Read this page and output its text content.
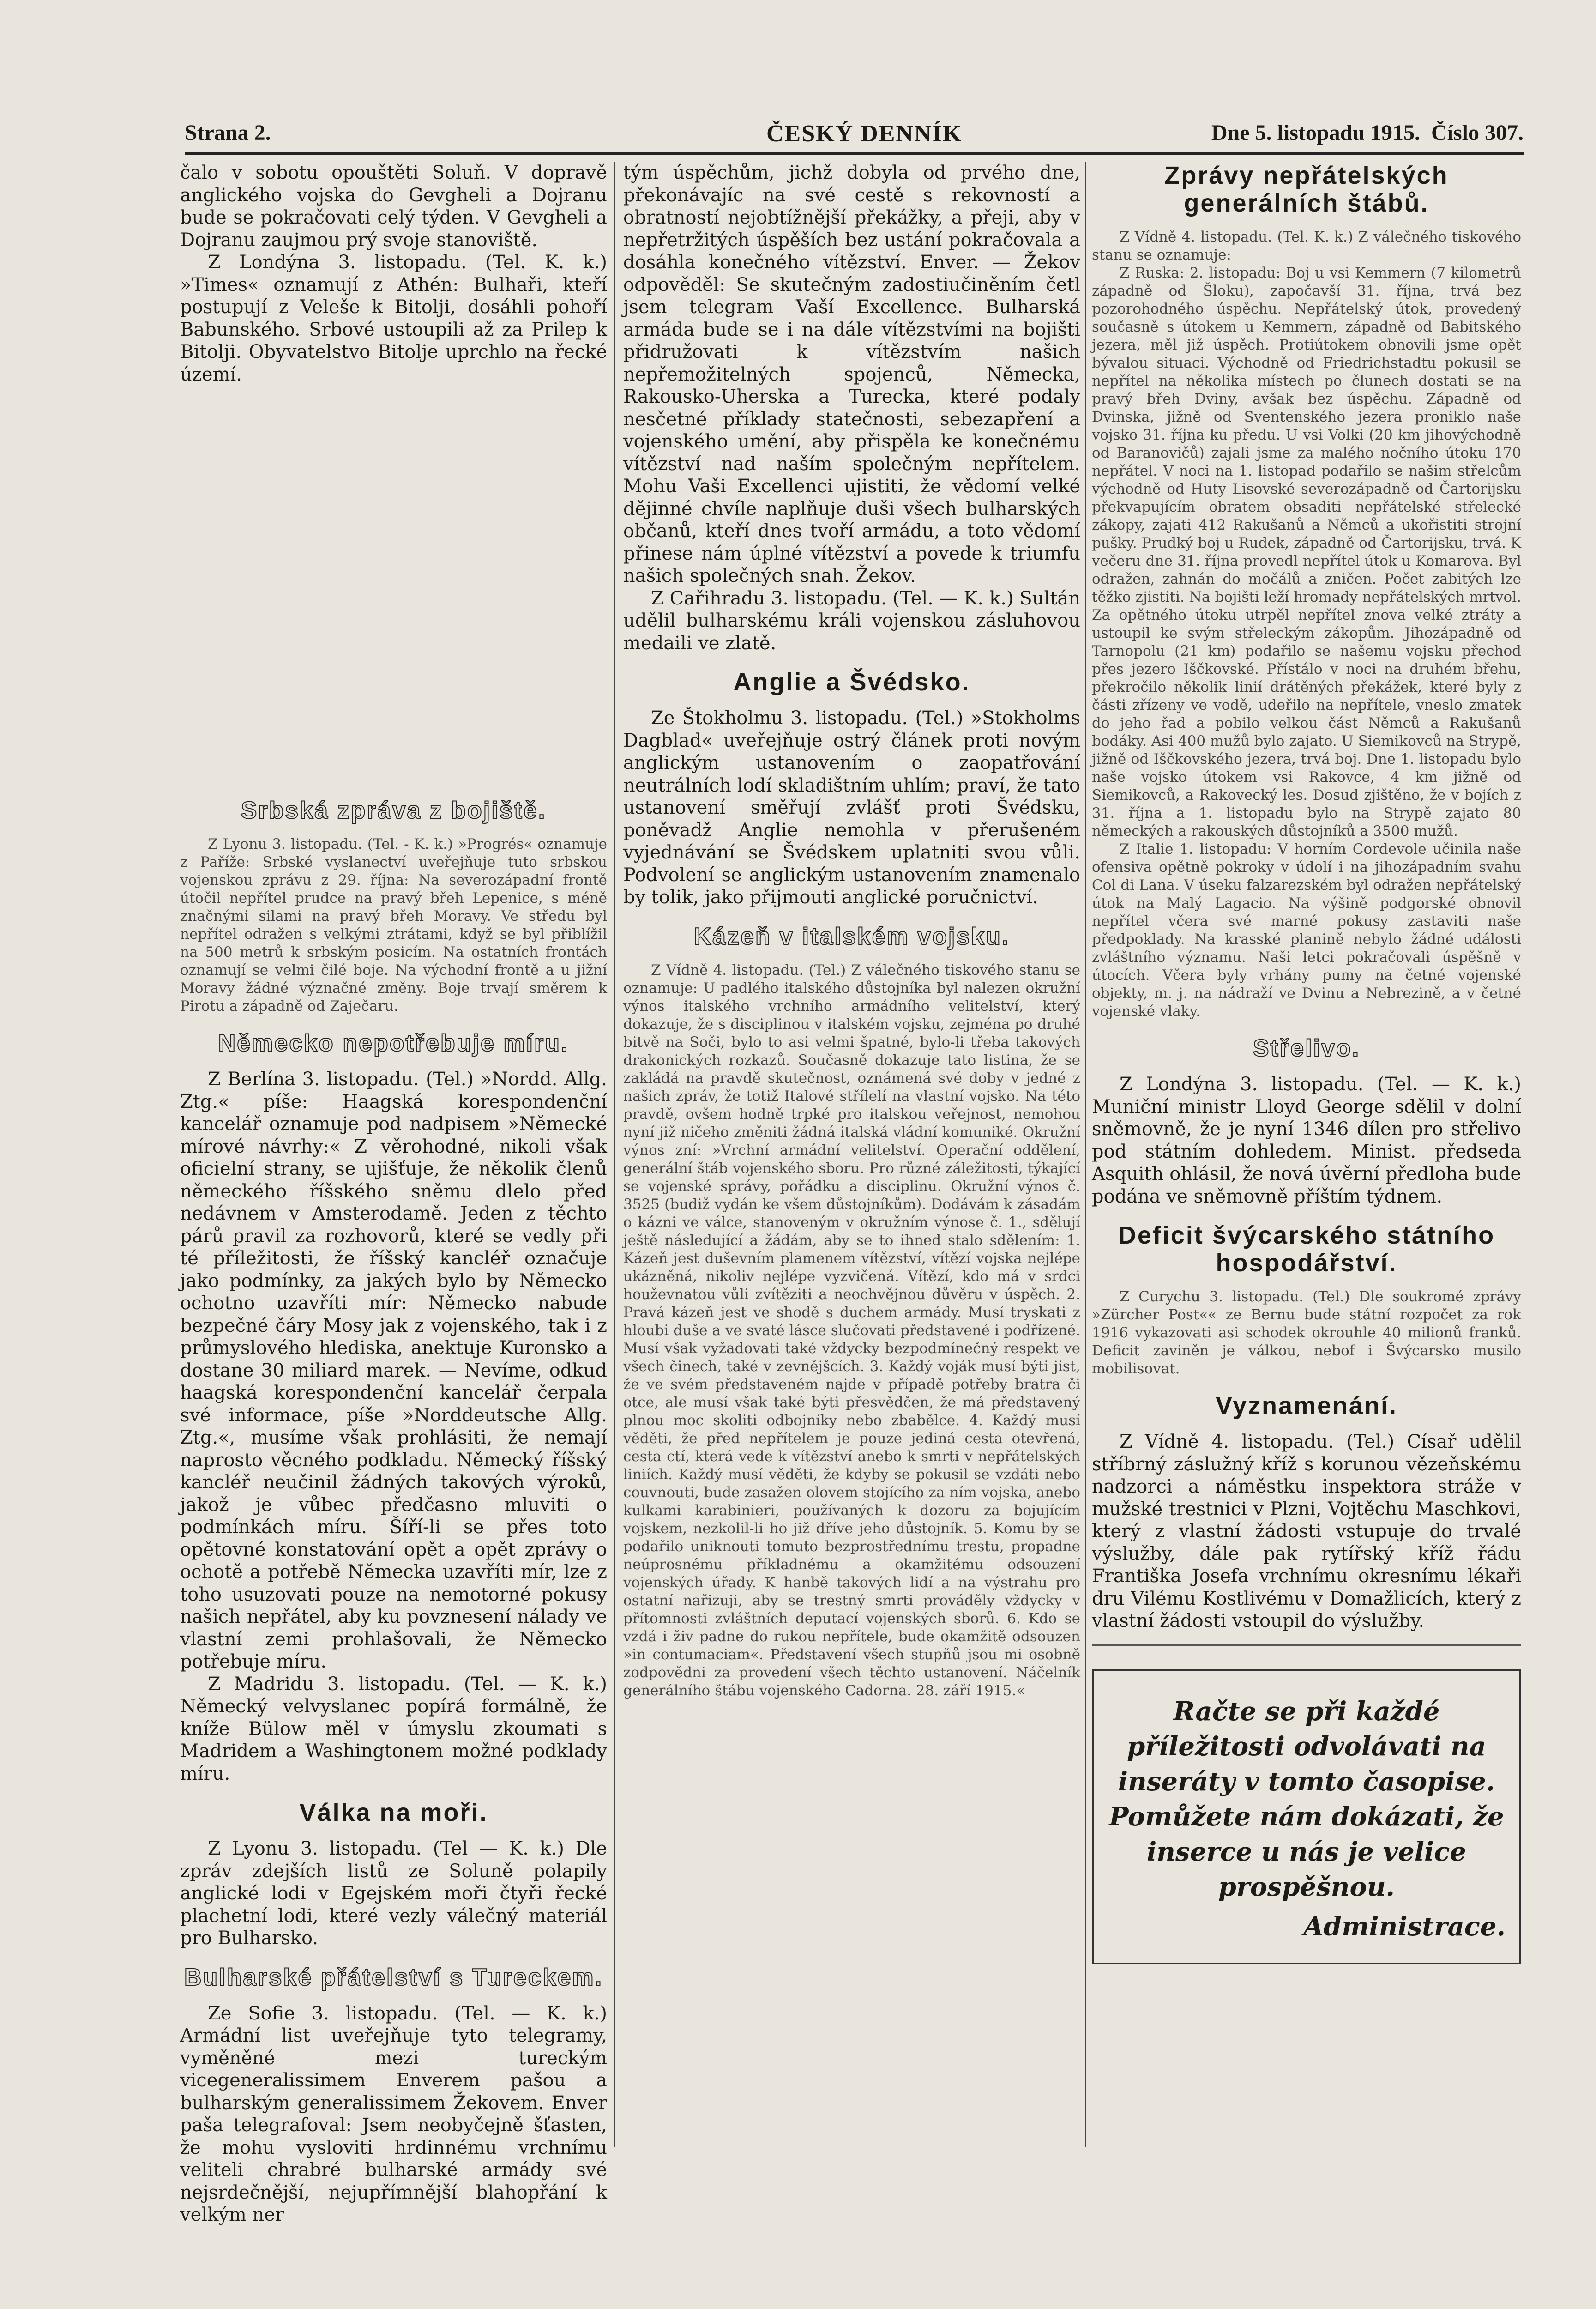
Strana 2.	ČESKÝ DENNÍK	Dne 5. listopadu 1915. Číslo 307.

čalo v sobotu opouštěti Soluň. V dopravě anglického vojska do Gevgheli a Dojranu bude se pokračovati celý týden. V Gevgheli a Dojranu zaujmou prý svoje stanoviště.

Z Londýna 3. listopadu. (Tel. K. k.) »Times« oznamují z Athén: Bulhaři, kteří postupují z Veleše k Bitolji, dosáhli pohoří Babunského. Srbové ustoupili až za Prilep k Bitolji. Obyvatelstvo Bitolje uprchlo na řecké území.

Srbská zpráva z bojiště.

Z Lyonu 3. listopadu. (Tel. - K. k.) »Progrés« oznamuje z Paříže: Srbské vyslanectví uveřejňuje tuto srbskou vojenskou zprávu z 29. října: Na severozápadní frontě útočil nepřítel prudce na pravý břeh Lepenice, s méně značnými silami na pravý břeh Moravy. Ve středu byl nepřítel odražen s velkými ztrátami, když se byl přiblížil na 500 metrů k srbským posicím. Na ostatních frontách oznamují se velmi čilé boje. Na východní frontě a u jižní Moravy žádné význačné změny. Boje trvají směrem k Pirotu a západně od Zaječaru.

Německo nepotřebuje míru.

Z Berlína 3. listopadu. (Tel.) »Nordd. Allg. Ztg.« píše: Haagská korespondenční kancelář oznamuje pod nadpisem »Německé mírové návrhy:« Z věrohodné, nikoli však oficielní strany, se ujišťuje, že několik členů německého říšského sněmu dlelo před nedávnem v Amsterodamě. Jeden z těchto párů pravil za rozhovorů, které se vedly při té příležitosti, že říšský kancléř označuje jako podmínky, za jakých bylo by Německo ochotno uzavříti mír: Německo nabude bezpečné čáry Mosy jak z vojenského, tak i z průmyslového hlediska, anektuje Kuronsko a dostane 30 miliard marek. — Nevíme, odkud haagská korespondenční kancelář čerpala své informace, píše »Norddeutsche Allg. Ztg.«, musíme však prohlásiti, že nemají naprosto věcného podkladu. Německý říšský kancléř neučinil žádných takových výroků, jakož je vůbec předčasno mluviti o podmínkách míru. Šíří-li se přes toto opětovné konstatování opět a opět zprávy o ochotě a potřebě Německa uzavříti mír, lze z toho usuzovati pouze na nemotorné pokusy našich nepřátel, aby ku povznesení nálady ve vlastní zemi prohlašovali, že Německo potřebuje míru.

Z Madridu 3. listopadu. (Tel. — K. k.) Německý velvyslanec popírá formálně, že kníže Bülow měl v úmyslu zkoumati s Madridem a Washingtonem možné podklady míru.

Válka na moři.

Z Lyonu 3. listopadu. (Tel — K. k.) Dle zpráv zdejších listů ze Soluně polapily anglické lodi v Egejském moři čtyři řecké plachetní lodi, které vezly válečný materiál pro Bulharsko.

Bulharské přátelství s Tureckem.

Ze Sofie 3. listopadu. (Tel. — K. k.) Armádní list uveřejňuje tyto telegramy, vyměněné mezi tureckým vicegeneralissimem Enverem pašou a bulharským generalissimem Žekovem. Enver paša telegrafoval: Jsem neobyčejně šťasten, že mohu vysloviti hrdinnému vrchnímu veliteli chrabré bulharské armády své nejsrdečnější, nejupřímnější blahopřání k velkým ner

tým úspěchům, jichž dobyla od prvého dne, překonávajíc na své cestě s rekovností a obratností nejobtížnější překážky, a přeji, aby v nepřetržitých úspěších bez ustání pokračovala a dosáhla konečného vítězství. Enver. — Žekov odpověděl: Se skutečným zadostiučiněním četl jsem telegram Vaší Excellence. Bulharská armáda bude se i na dále vítězstvími na bojišti přidružovati k vítězstvím našich nepřemožitelných spojenců, Německa, Rakousko-Uherska a Turecka, které podaly nesčetné příklady statečnosti, sebezapření a vojenského umění, aby přispěla ke konečnému vítězství nad naším společným nepřítelem. Mohu Vaši Excellenci ujistiti, že vědomí velké dějinné chvíle naplňuje duši všech bulharských občanů, kteří dnes tvoří armádu, a toto vědomí přinese nám úplné vítězství a povede k triumfu našich společných snah. Žekov.

Z Cařihradu 3. listopadu. (Tel. — K. k.) Sultán udělil bulharskému králi vojenskou zásluhovou medaili ve zlatě.

Anglie a Švédsko.

Ze Štokholmu 3. listopadu. (Tel.) »Stokholms Dagblad« uveřejňuje ostrý článek proti novým anglickým ustanovením o zaopatřování neutrálních lodí skladištním uhlím; praví, že tato ustanovení směřují zvlášť proti Švédsku, poněvadž Anglie nemohla v přerušeném vyjednávání se Švédskem uplatniti svou vůli. Podvolení se anglickým ustanovením znamenalo by tolik, jako přijmouti anglické poručnictví.

Kázeň v italském vojsku.

Z Vídně 4. listopadu. (Tel.) Z válečného tiskového stanu se oznamuje: U padlého italského důstojníka byl nalezen okružní výnos italského vrchního armádního velitelství, který dokazuje, že s disciplinou v italském vojsku, zejména po druhé bitvě na Soči, bylo to asi velmi špatné, bylo-li třeba takových drakonických rozkazů. Současně dokazuje tato listina, že se zakládá na pravdě skutečnost, oznámená své doby v jedné z našich zpráv, že totiž Italové střílelí na vlastní vojsko. Na této pravdě, ovšem hodně trpké pro italskou veřejnost, nemohou nyní již ničeho změniti žádná italská vládní komuniké. Okružní výnos zní: »Vrchní armádní velitelství. Operační oddělení, generální štáb vojenského sboru. Pro různé záležitosti, týkající se vojenské správy, pořádku a disciplinu. Okružní výnos č. 3525 (budiž vydán ke všem důstojníkům). Dodávám k zásadám o kázni ve válce, stanoveným v okružním výnose č. 1., sdělují ještě následující a žádám, aby se to ihned stalo sdělením: 1. Kázeň jest duševním plamenem vítězství, vítězí vojska nejlépe ukázněná, nikoliv nejlépe vyzvičená. Vítězí, kdo má v srdci houževnatou vůli zvítěziti a neochvějnou důvěru v úspěch. 2. Pravá kázeň jest ve shodě s duchem armády. Musí tryskati z hloubi duše a ve svaté lásce slučovati představené i podřízené. Musí však vyžadovati také vždycky bezpodmínečný respekt ve všech činech, také v zevnějšcích. 3. Každý voják musí býti jist, že ve svém představeném najde v případě potřeby bratra či otce, ale musí však také býti přesvědčen, že má představený plnou moc skoliti odbojníky nebo zbabělce. 4. Každý musí věděti, že před nepřítelem je pouze jediná cesta otevřená, cesta ctí, která vede k vítězství anebo k smrti v nepřátelských liniích. Každý musí věděti, že kdyby se pokusil se vzdáti nebo couvnouti, bude zasažen olovem stojícího za ním vojska, anebo kulkami karabinieri, používaných k dozoru za bojujícím vojskem, nezkolil-li ho již dříve jeho důstojník. 5. Komu by se podařilo uniknouti tomuto bezprostřednímu trestu, propadne neúprosnému příkladnému a okamžitému odsouzení vojenských úřady. K hanbě takových lidí a na výstrahu pro ostatní nařizuji, aby se trestný smrti prováděly vždycky v přítomnosti zvláštních deputací vojenských sborů. 6. Kdo se vzdá i živ padne do rukou nepřítele, bude okamžitě odsouzen »in contumaciam«. Představení všech stupňů jsou mi osobně zodpovědni za provedení všech těchto ustanovení. Náčelník generálního štábu vojenského Cadorna. 28. září 1915.«

Zprávy nepřátelských generálních štábů.

Z Vídně 4. listopadu. (Tel. K. k.) Z válečného tiskového stanu se oznamuje:

Z Ruska: 2. listopadu: Boj u vsi Kemmern (7 kilometrů západně od Šloku), započavší 31. října, trvá bez pozorohodného úspěchu. Nepřátelský útok, provedený současně s útokem u Kemmern, západně od Babitského jezera, měl již úspěch. Protiútokem obnovili jsme opět bývalou situaci. Východně od Friedrichstadtu pokusil se nepřítel na několika místech po člunech dostati se na pravý břeh Dviny, avšak bez úspěchu. Západně od Dvinska, jižně od Sventenského jezera proniklo naše vojsko 31. října ku předu. U vsi Volki (20 km jihovýchodně od Baranovičů) zajali jsme za malého nočního útoku 170 nepřátel. V noci na 1. listopad podařilo se našim střelcům východně od Huty Lisovské severozápadně od Čartorijsku překvapujícím obratem obsaditi nepřátelské střelecké zákopy, zajati 412 Rakušanů a Němců a ukořistiti strojní pušky. Prudký boj u Rudek, západně od Čartorijsku, trvá. K večeru dne 31. října provedl nepřítel útok u Komarova. Byl odražen, zahnán do močálů a zničen. Počet zabitých lze těžko zjistiti. Na bojišti leží hromady nepřátelských mrtvol. Za opětného útoku utrpěl nepřítel znova velké ztráty a ustoupil ke svým střeleckým zákopům. Jihozápadně od Tarnopolu (21 km) podařilo se našemu vojsku přechod přes jezero Iščkovské. Přístálo v noci na druhém břehu, překročilo několik linií drátěných překážek, které byly z části zřízeny ve vodě, udeřilo na nepřítele, vneslo zmatek do jeho řad a pobilo velkou část Němců a Rakušanů bodáky. Asi 400 mužů bylo zajato. U Siemikovců na Strypě, jižně od Iščkovského jezera, trvá boj. Dne 1. listopadu bylo naše vojsko útokem vsi Rakovce, 4 km jižně od Siemikovců, a Rakovecký les. Dosud zjištěno, že v bojích z 31. října a 1. listopadu bylo na Strypě zajato 80 německých a rakouských důstojníků a 3500 mužů.

Z Italie 1. listopadu: V horním Cordevole učinila naše ofensiva opětně pokroky v údolí i na jihozápadním svahu Col di Lana. V úseku falzarezském byl odražen nepřátelský útok na Malý Lagacio. Na výšině podgorské obnovil nepřítel včera své marné pokusy zastaviti naše předpoklady. Na krasské planině nebylo žádné události zvláštního významu. Naši letci pokračovali úspěšně v útocích. Včera byly vrhány pumy na četné vojenské objekty, m. j. na nádraží ve Dvinu a Nebrezině, a v četné vojenské vlaky.

Střelivo.

Z Londýna 3. listopadu. (Tel. — K. k.) Muniční ministr Lloyd George sdělil v dolní sněmovně, že je nyní 1346 dílen pro střelivo pod státním dohledem. Minist. předseda Asquith ohlásil, že nová úvěrní předloha bude podána ve sněmovně příštím týdnem.

Deficit švýcarského státního hospodářství.

Z Curychu 3. listopadu. (Tel.) Dle soukromé zprávy »Zürcher Post«« ze Bernu bude státní rozpočet za rok 1916 vykazovati asi schodek okrouhle 40 milionů franků. Deficit zaviněn je válkou, nebof i Švýcarsko musilo mobilisovat.

Vyznamenání.

Z Vídně 4. listopadu. (Tel.) Císař udělil stříbrný záslužný kříž s korunou vězeňskému nadzorci a náměstku inspektora stráže v mužské trestnici v Plzni, Vojtěchu Maschkovi, který z vlastní žádosti vstupuje do trvalé výslužby, dále pak rytířský kříž řádu Františka Josefa vrchnímu okresnímu lékaři dru Vilému Kostlivému v Domažlicích, který z vlastní žádosti vstoupil do výslužby.

Račte se při každé příležitosti odvolávati na inseráty v tomto časopise. Pomůžete nám dokázati, že inserce u nás je velice prospěšnou.
Administrace.
